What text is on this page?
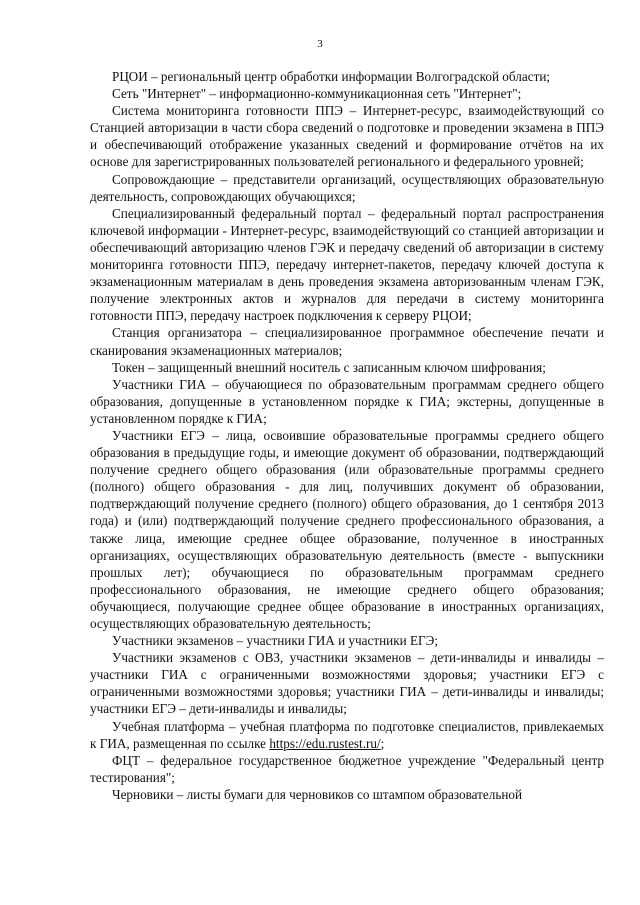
3

РЦОИ – региональный центр обработки информации Волгоградской области;

Сеть "Интернет" – информационно-коммуникационная сеть "Интернет";

Система мониторинга готовности ППЭ – Интернет-ресурс, взаимодействующий со Станцией авторизации в части сбора сведений о подготовке и проведении экзамена в ППЭ и обеспечивающий отображение указанных сведений и формирование отчётов на их основе для зарегистрированных пользователей регионального и федерального уровней;

Сопровождающие – представители организаций, осуществляющих образовательную деятельность, сопровождающих обучающихся;

Специализированный федеральный портал – федеральный портал распространения ключевой информации - Интернет-ресурс, взаимодействующий со станцией авторизации и обеспечивающий авторизацию членов ГЭК и передачу сведений об авторизации в систему мониторинга готовности ППЭ, передачу интернет-пакетов, передачу ключей доступа к экзаменационным материалам в день проведения экзамена авторизованным членам ГЭК, получение электронных актов и журналов для передачи в систему мониторинга готовности ППЭ, передачу настроек подключения к серверу РЦОИ;

Станция организатора – специализированное программное обеспечение печати и сканирования экзаменационных материалов;

Токен – защищенный внешний носитель с записанным ключом шифрования;

Участники ГИА – обучающиеся по образовательным программам среднего общего образования, допущенные в установленном порядке к ГИА; экстерны, допущенные в установленном порядке к ГИА;

Участники ЕГЭ – лица, освоившие образовательные программы среднего общего образования в предыдущие годы, и имеющие документ об образовании, подтверждающий получение среднего общего образования (или образовательные программы среднего (полного) общего образования - для лиц, получивших документ об образовании, подтверждающий получение среднего (полного) общего образования, до 1 сентября 2013 года) и (или) подтверждающий получение среднего профессионального образования, а также лица, имеющие среднее общее образование, полученное в иностранных организациях, осуществляющих образовательную деятельность (вместе - выпускники прошлых лет); обучающиеся по образовательным программам среднего профессионального образования, не имеющие среднего общего образования; обучающиеся, получающие среднее общее образование в иностранных организациях, осуществляющих образовательную деятельность;

Участники экзаменов – участники ГИА и участники ЕГЭ;

Участники экзаменов с ОВЗ, участники экзаменов – дети-инвалиды и инвалиды – участники ГИА с ограниченными возможностями здоровья; участники ЕГЭ с ограниченными возможностями здоровья; участники ГИА – дети-инвалиды и инвалиды; участники ЕГЭ – дети-инвалиды и инвалиды;

Учебная платформа – учебная платформа по подготовке специалистов, привлекаемых к ГИА, размещенная по ссылке https://edu.rustest.ru/;

ФЦТ – федеральное государственное бюджетное учреждение "Федеральный центр тестирования";

Черновики – листы бумаги для черновиков со штампом образовательной
